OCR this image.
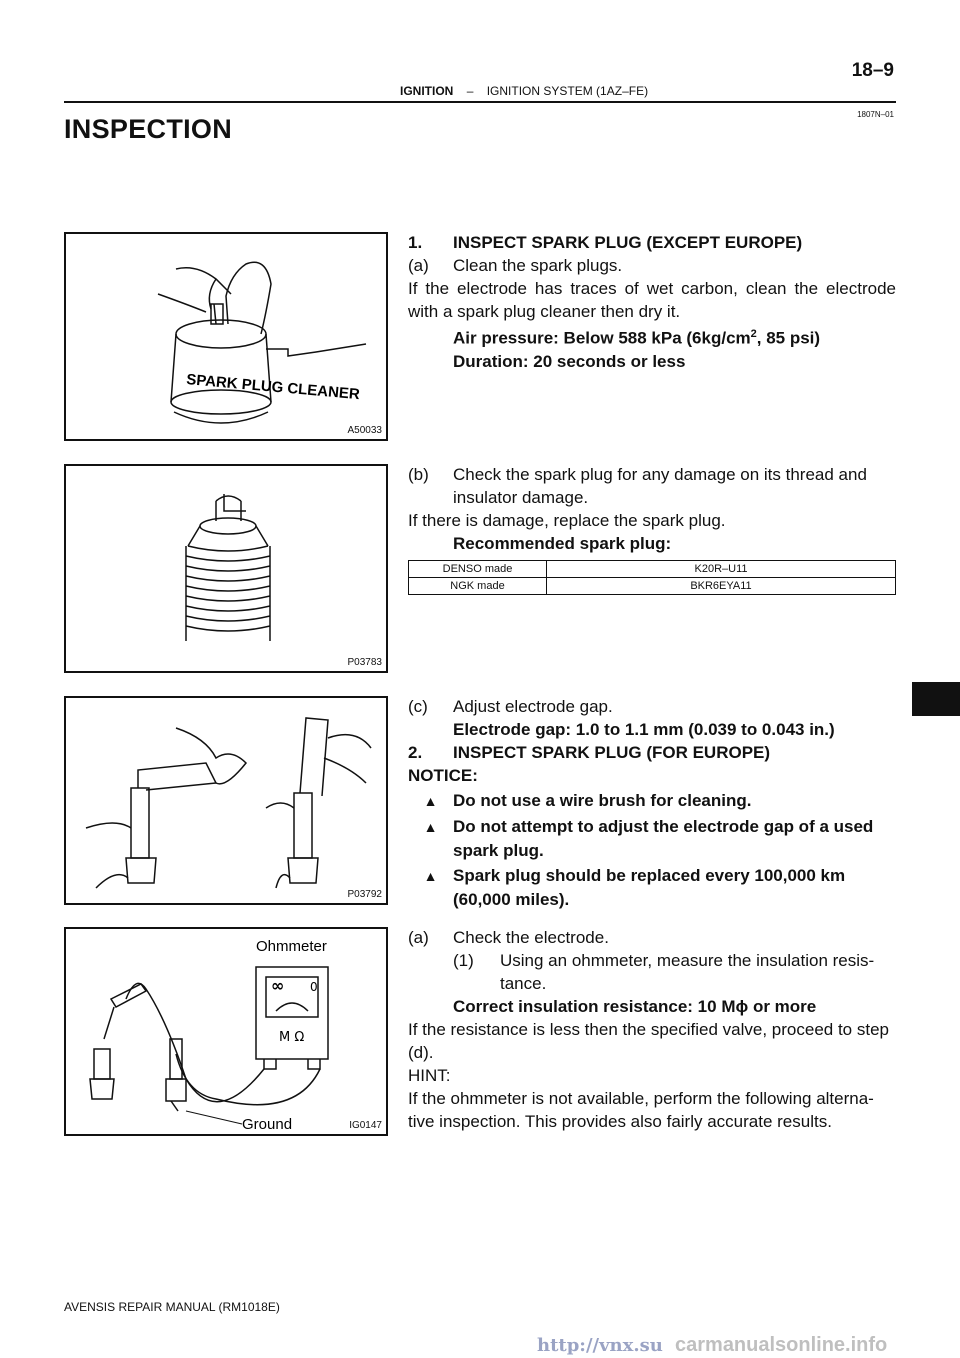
18–9
IGNITION – IGNITION SYSTEM (1AZ–FE)
1807N–01
INSPECTION
SPARK PLUG CLEANER
A50033
P03783
P03792
∞ 0
M Ω
Ohmmeter
Ground	IG0147
1.	INSPECT SPARK PLUG (EXCEPT EUROPE)
(a)	Clean the spark plugs.
If the electrode has traces of wet carbon, clean the electrode with a spark plug cleaner then dry it.
Air pressure: Below 588 kPa ($6kg/cm^2$, 85 psi)
Duration: 20 seconds or less
(b)	Check the spark plug for any damage on its thread and
insulator damage.
If there is damage, replace the spark plug.
Recommended spark plug:
DENSO made	K20R–U11
NGK made	BKR6EYA11
(c)	Adjust electrode gap.
Electrode gap: 1.0 to 1.1 mm (0.039 to 0.043 in.)
2.	INSPECT SPARK PLUG (FOR EUROPE)
NOTICE:
▲ Do not use a wire brush for cleaning.
▲ Do not attempt to adjust the electrode gap of a used
spark plug.
▲ Spark plug should be replaced every 100,000 km
(60,000 miles).
(a)	Check the electrode.
(1)	Using an ohmmeter, measure the insulation resis-
tance.
Correct insulation resistance: 10 Mϕ or more
If the resistance is less then the specified valve, proceed to step
(d).
HINT:
If the ohmmeter is not available, perform the following alterna-
tive inspection. This provides also fairly accurate results.
AVENSIS REPAIR MANUAL (RM1018E)
http://vnx.su carmanualsonline.info
